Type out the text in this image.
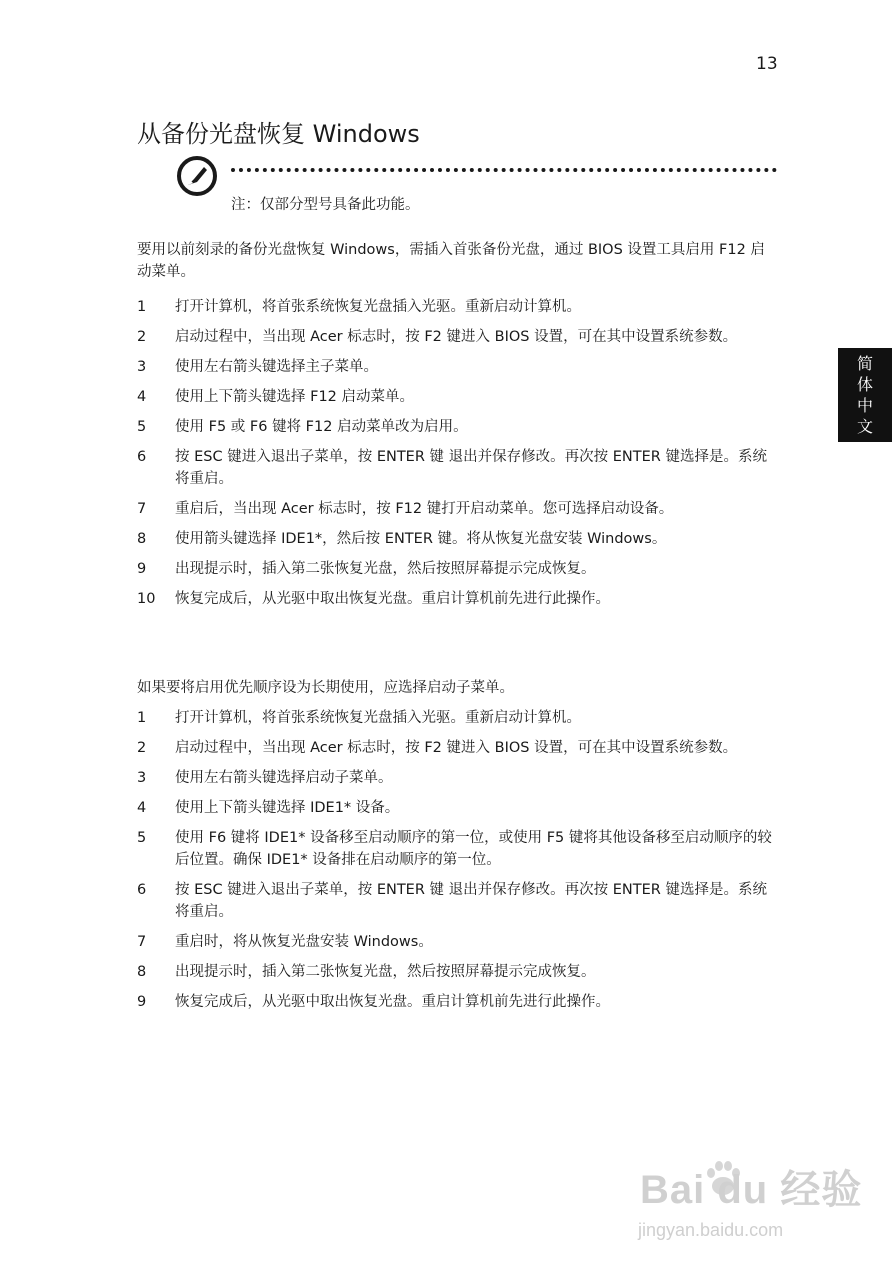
13
从备份光盘恢复 Windows
注：仅部分型号具备此功能。
简
体
中
文
要用以前刻录的备份光盘恢复 Windows，需插入首张备份光盘，通过 BIOS 设置工具启用 F12 启动菜单。
1 打开计算机，将首张系统恢复光盘插入光驱。重新启动计算机。
2 启动过程中，当出现 Acer 标志时，按 F2 键进入 BIOS 设置，可在其中设置系统参数。
3 使用左右箭头键选择主子菜单。
4 使用上下箭头键选择 F12 启动菜单。
5 使用 F5 或 F6 键将 F12 启动菜单改为启用。
6 按 ESC 键进入退出子菜单，按 ENTER 键 退出并保存修改。再次按 ENTER 键选择是。系统将重启。
7 重启后，当出现 Acer 标志时，按 F12 键打开启动菜单。您可选择启动设备。
8 使用箭头键选择 IDE1*，然后按 ENTER 键。将从恢复光盘安装 Windows。
9 出现提示时，插入第二张恢复光盘，然后按照屏幕提示完成恢复。
10 恢复完成后，从光驱中取出恢复光盘。重启计算机前先进行此操作。
如果要将启用优先顺序设为长期使用，应选择启动子菜单。
1 打开计算机，将首张系统恢复光盘插入光驱。重新启动计算机。
2 启动过程中，当出现 Acer 标志时，按 F2 键进入 BIOS 设置，可在其中设置系统参数。
3 使用左右箭头键选择启动子菜单。
4 使用上下箭头键选择 IDE1* 设备。
5 使用 F6 键将 IDE1* 设备移至启动顺序的第一位，或使用 F5 键将其他设备移至启动顺序的较后位置。确保 IDE1* 设备排在启动顺序的第一位。
6 按 ESC 键进入退出子菜单，按 ENTER 键 退出并保存修改。再次按 ENTER 键选择是。系统将重启。
7 重启时，将从恢复光盘安装 Windows。
8 出现提示时，插入第二张恢复光盘，然后按照屏幕提示完成恢复。
9 恢复完成后，从光驱中取出恢复光盘。重启计算机前先进行此操作。
Bai du 经验
jingyan.baidu.com
